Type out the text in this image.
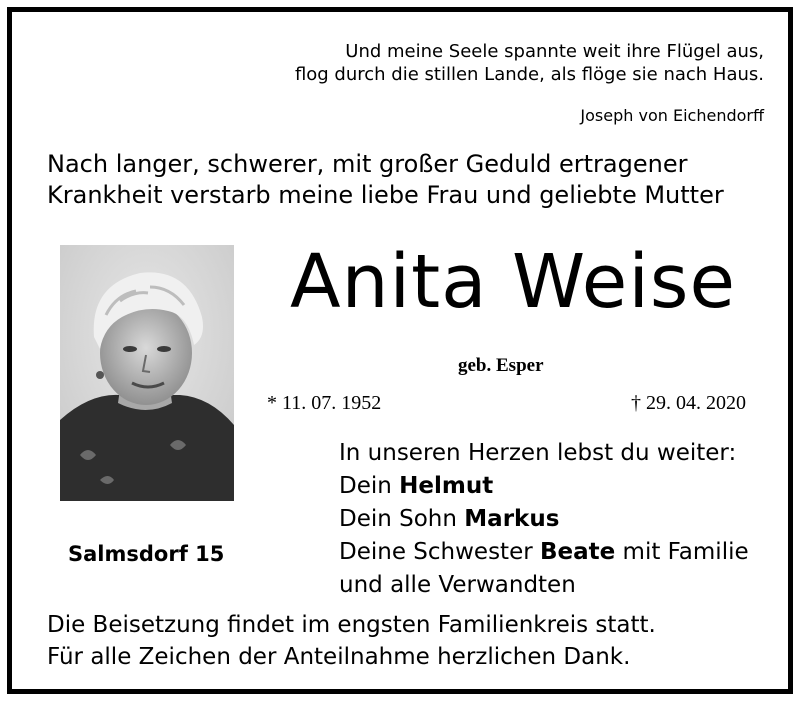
Und meine Seele spannte weit ihre Flügel aus,
flog durch die stillen Lande, als flöge sie nach Haus.
Joseph von Eichendorff
Nach langer, schwerer, mit großer Geduld ertragener
Krankheit verstarb meine liebe Frau und geliebte Mutter
Anita Weise
geb. Esper
* 11. 07. 1952	† 29. 04. 2020
In unseren Herzen lebst du weiter:
Dein Helmut
Dein Sohn Markus
Deine Schwester Beate mit Familie
und alle Verwandten
Salmsdorf 15
Die Beisetzung findet im engsten Familienkreis statt.
Für alle Zeichen der Anteilnahme herzlichen Dank.
